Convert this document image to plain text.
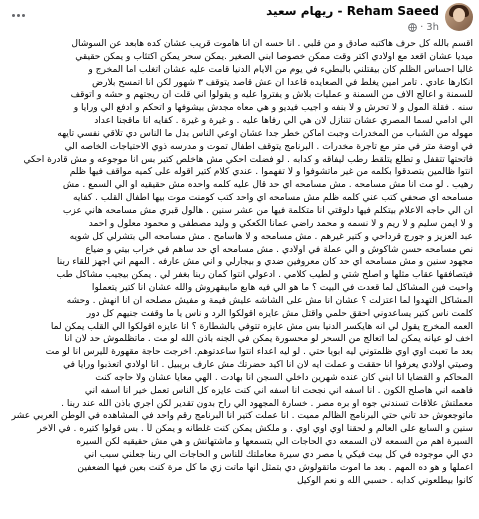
Reham Saeed - ريهام سعيد
· 3h
اقسم بالله كل حرف هاكتبه صادق و من قلبي . انا حسه ان انا هاموت قريب عشان كده هابعد عن السوشال
ميديا عشان اقعد مع اولادي اكتر وقت ممكن خصوصا ابني الصغير .يمكن سحر يمكن اكتئاب و يمكن حقيقي
غالبا احساس الظلم كان بيقتلني بالبطيء في يوم من الايام الدنيا قامت عليه عشان اتغلب اما المخرج و
انكارها عادي . تامر امين يغلط في الصعايده قاعدا ان عش قاصد يتوقف ٣ شهور لكن انا اتمسح بلارض
للسمنة و اعالج الاف من السمنة و عمليات بلاش و يفتروا عليه و يقولوا اني قلت ان ريجتهم و حشه و اتوقف
سنه . فقلة المول و لا تحرش و لا بنفه و اجيب فيديو و هي معاه مجدش بيشوفها و اتحكم و ادفع الي ورايا و
الي ادامي لسما المصري عشان تتنازل لان هي الي رفاها عليه . و غيرة و غيرة . كفايه انا ماقجنا اعداد
مهوله من الشباب من المخدرات وجبت اماكن خطر جدا عشان اوعي الناس بدل ما الناس دي تلاقي نفسي تايهه
في اوضة متر في متر مع تاجرة مخدرات . البرنامج يتوقف اطفال تموت و مدرسه ذوي الاحتياجات الخاصه الي
فاتحتها تتقفل و تطلع يتلقط رطب ليفاقه و كدابه . لو فضلت احكي مش هاخلص كتير بس انا موجوعه و مش قادرة احكي
انتوا ظالمين بتصدقوا بكلمه من غير ماتشوفوا و لا تفهموا . عندي كلام كتير اقوله على كميه مواقف فيها ظلم
رهيب . لو مت انا مش مسامحه . مش مسامحه اي حد قال عليه كلمه واحده مش حقيقيه او الي السمع . مش
مسامحه اي صحفي كتب عني كلمه ظلم مش مسامحه اي واحد كتب كومنت موت بيها اطفال القلب . كفايه
ان الي حاجه الاعلام بيتكلم فيها دلوقتي انا متكلمة فيها من عشر سنين . هالول قبري مش مسامحه هاني عزب
و لا ايمن سليم و لا ريم و لا نسمه و محمد راضي عمانا الكعكي و وليد مصطفى و محمود معلول و احمد
عبد العزيز و جورج قرداحي و كتير غيرهم . مش مسامحه و لا هاسامح . مش مسامحه الي بتشرلي كل شويه
نص مسامحه حسن شاكوش و الي عملة في اولادي . مش مسامحه اي حد ساهم في خراب بيتي و ضياع
مجهود سنين و مش مسامحه اي حد كان معروفين ضدي و بيجارلي و اني مش عارفه . المهم اني اجهز للقاء ربنا
فيتصافقها عقاب مثلها و اصلح شتي و لطيب كلامي . ادعولي انتوا كمان ربنا بغفر لي . يمكن بيجيب مشاكل طب
واحبت فين المشاكل لما قعدت في البيت ؟ ما هو الي فيه هابع مابيقهروش والله عشان انا كتير يتعملوا
المشاكل التهدوا لما اعتزلت ؟ عشان انا مش على الشاشه عليش فيمة و مفيش مصلحه ان انا انهش . وحشه
كلمت ناس كتير يساعدوني احقق حلمي واقتل مش عايزه اقولكوا الرد و ناس يا ما وقفت جنيهم كل دور
العمه المخرج يقول لي انه هايكسر الدنيا بس مش عايزه تتوفي بالشطارة ؟ انا عايزه اقولكوا الي القلب يمكن لما
اخف لو عيانه يمكن لما اتعالج من السحر لو محسورة يمكن في الجنه باذن الله لو مت . ماتظلموش حد لان انا
بعد ما تعبت اوي اوي ظلمتوني ليه ابويا حتي . لو ليه اعداء انتوا ساعدتوهم. اخرجت حاجة مقهورة لليرس انا لو مت
وصيتي اولادي يعرفوا انا حققت و عملت ايه لان انا اكيد حضرتك مش عارف بريبيل . انا اولادي اتعذبوا ورايا في
المحاكم و القضايا انا ابني كان عنده شهرين داخلي السجن انا بهادت . الهي معايا عشان ولا حاجه كنت
فاهمه اني هاصلح الكون . انا اسفه اني نجحت انا اسفه اني كنت عايزه كل الناس تعمل خير انا اسفه اني
معملتش علاقات تسندني جوه او بره مصر . خسارة المجهود الي راح بدون تقدير لكن اجري باذن الله عند ربنا .
ماتوجعوش حد تاني حتي البرنامج الظالم مميت . انا عملت كتير انا البرنامج رقم واحد في المشاهده في الوطن العربي عشر
سنين و السابع على العالم و لحقنا اوي اوي اوي . و ملكش يمكن كنت غلطانه و يمكن لأ . بس قولوا كتيره . في الاخر
السيرة اهم من السمعه لان السمعه دي الحاجات الي بتسمعها و ماشتهانش و هي مش حقيقيه لكن السيره
دي الي موجوده في كل بيت فيكي يا مصر دي سيرة معاملتك للناس و الحاجات الي ربنا جعلني سبب اني
اعملها و هو ده المهم . بعد ما اموت ماتقولوش دي بتمثل انها ماتت زي ما كل مرة كنت بعين فيها الضعفين
كانوا بيطلعوني كدابه . حسبي الله و نعم الوكيل
